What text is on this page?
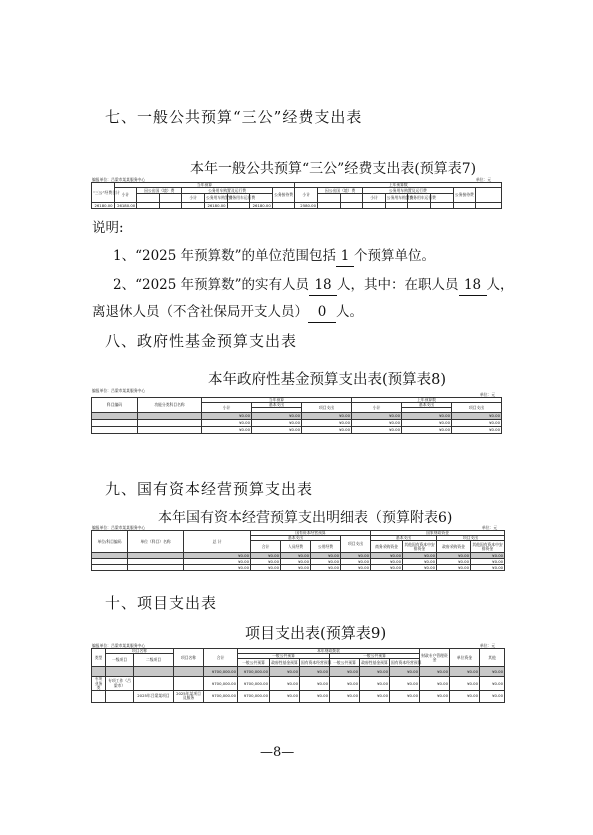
七、一般公共预算“三公”经费支出表
本年一般公共预算“三公”经费支出表(预算表7)
编报单位：吕梁市某某服务中心	单位：元
“三公”经费合计	当年预算								上年预算数								
	小计	因公出国（境）费		公务用车购置及运行费				公务接待费	小计	因公出国（境）费		公务用车购置及运行费				公务接待费	
				小计	公务用车购置费	公务用车运行费						小计	公务用车购置费	公务用车运行费			
26180.00	26180.00				26180.00		26180.00		2580.00								
说明:
1、“2025 年预算数”的单位范围包括 1 个预算单位。
2、“2025 年预算数”的实有人员 18 人，其中：在职人员 18 人，
离退休人员（不含社保局开支人员） 0 人。
八、政府性基金预算支出表
本年政府性基金预算支出表(预算表8)
编报单位：吕梁市某某服务中心
单位：元
科目编码	功能分类科目名称	当年预算			上年预算数		
		小计	基本支出	项目支出	小计	基本支出	项目支出

		¥0.00	¥0.00	¥0.00	¥0.00	¥0.00	¥0.00
		¥0.00	¥0.00	¥0.00	¥0.00	¥0.00	¥0.00
		¥0.00	¥0.00	¥0.00	¥0.00	¥0.00	¥0.00
九、国有资本经营预算支出表
本年国有资本经营预算支出明细表（预算附表6)
编报单位：吕梁市某某服务中心	单位：元
单位/科目编码	单位（科目）名称	总 计	国有资本经营预算				国家财政资金			
			基本支出			项目支出	基本支出		项目支出	
			合计	人员经费	公用经费		商务采购资金	其他国有资本中安排资金	政府采购资金	其他国有资本中安排资金
		¥0.00	¥0.00	¥0.00	¥0.00	¥0.00	¥0.00	¥0.00	¥0.00	¥0.00
		¥0.00	¥0.00	¥0.00	¥0.00	¥0.00	¥0.00	¥0.00	¥0.00	¥0.00
		¥0.00	¥0.00	¥0.00	¥0.00	¥0.00	¥0.00	¥0.00	¥0.00	¥0.00
十、项目支出表
项目支出表(预算表9)
编报单位：吕梁市某某服务中心	单位：元
类型	项目名称		项目名称	合计	本年财政拨款						财政专户管理资金	单位资金	其他
	一级项目	二级项目			一般公共预算			一般公共预算					
					一般公共预算	政府性基金预算	国有资本经营预算	一般公共预算	政府性基金预算	国有资本经营预算			
				¥700,000.00	¥700,000.00	¥0.00	¥0.00	¥0.00	¥0.00	¥0.00	¥0.00	¥0.00	¥0.00
专项业务类	专项工作（吕梁市）			¥700,000.00	¥700,000.00	¥0.00	¥0.00	¥0.00	¥0.00	¥0.00	¥0.00	¥0.00	¥0.00
		2025年吕梁某项目	2025年某项目及服务	¥700,000.00	¥700,000.00	¥0.00	¥0.00	¥0.00	¥0.00	¥0.00	¥0.00	¥0.00	¥0.00
—8—
